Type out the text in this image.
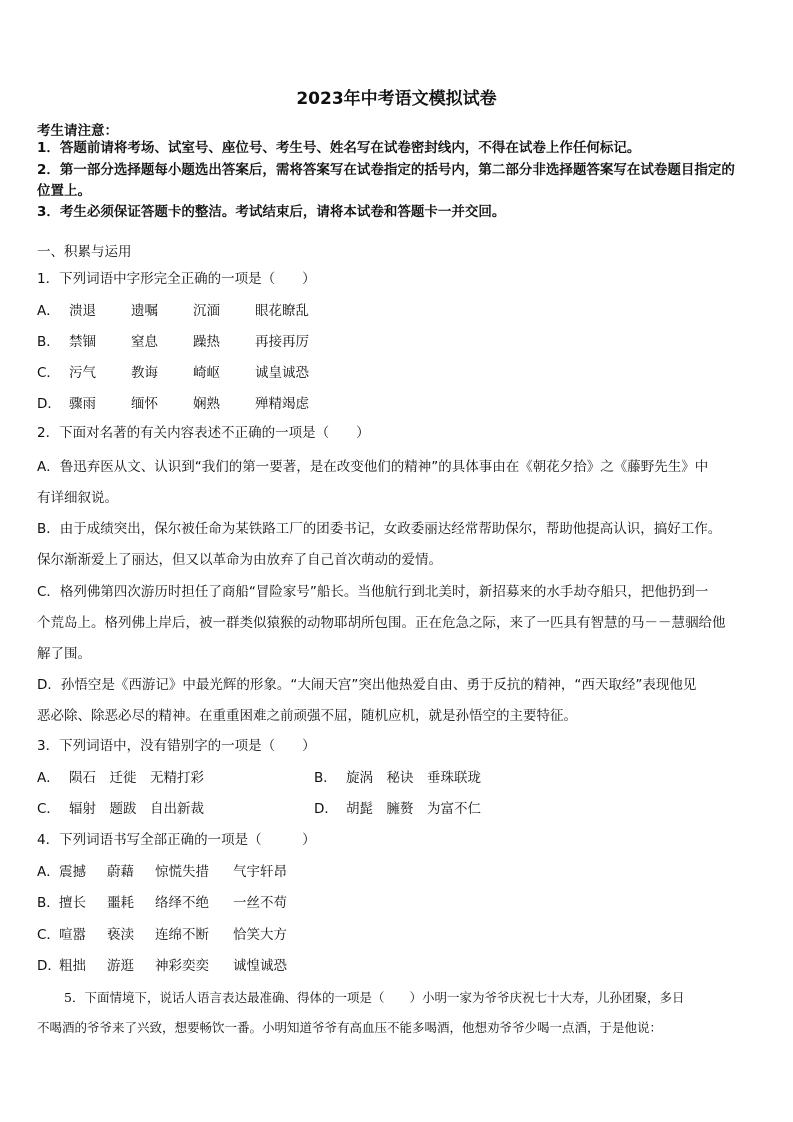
2023年中考语文模拟试卷
考生请注意：
1．答题前请将考场、试室号、座位号、考生号、姓名写在试卷密封线内，不得在试卷上作任何标记。
2．第一部分选择题每小题选出答案后，需将答案写在试卷指定的括号内，第二部分非选择题答案写在试卷题目指定的
位置上。
3．考生必须保证答题卡的整洁。考试结束后，请将本试卷和答题卡一并交回。
一、积累与运用
1．下列词语中字形完全正确的一项是（　　）
A． 溃退	遗嘱	沉湎	眼花瞭乱
B． 禁锢	窒息	躁热	再接再厉
C． 污气	教诲	崎岖	诚皇诚恐
D． 骤雨	缅怀	娴熟	殚精竭虑
2．下面对名著的有关内容表述不正确的一项是（　　）
A．鲁迅弃医从文、认识到“我们的第一要著，是在改变他们的精神”的具体事由在《朝花夕拾》之《藤野先生》中
有详细叙说。
B．由于成绩突出，保尔被任命为某铁路工厂的团委书记，女政委丽达经常帮助保尔，帮助他提高认识，搞好工作。
保尔渐渐爱上了丽达，但又以革命为由放弃了自己首次萌动的爱情。
C．格列佛第四次游历时担任了商船“冒险家号”船长。当他航行到北美时，新招募来的水手劫夺船只，把他扔到一
个荒岛上。格列佛上岸后，被一群类似猿猴的动物耶胡所包围。正在危急之际，来了一匹具有智慧的马－－慧骃给他
解了围。
D．孙悟空是《西游记》中最光辉的形象。“大闹天宫”突出他热爱自由、勇于反抗的精神，“西天取经”表现他见
恶必除、除恶必尽的精神。在重重困难之前顽强不屈，随机应机，就是孙悟空的主要特征。
3．下列词语中，没有错别字的一项是（　　）
A． 陨石　迁徙　无精打彩	B． 旋涡　秘诀　垂珠联珑
C． 辐射　题跋　自出新裁	D． 胡髭　臃赘　为富不仁
4．下列词语书写全部正确的一项是（　　　）
A．震撼 蔚藉 惊慌失措 气宇轩昂
B．擅长 噩耗 络绎不绝 一丝不苟
C．喧嚣 亵渎 连绵不断 恰笑大方
D．粗拙 游逛 神彩奕奕 诚惶诚恐
5．下面情境下，说话人语言表达最准确、得体的一项是（　　）小明一家为爷爷庆祝七十大寿，儿孙团聚，多日
不喝酒的爷爷来了兴致，想要畅饮一番。小明知道爷爷有高血压不能多喝酒，他想劝爷爷少喝一点酒，于是他说：
